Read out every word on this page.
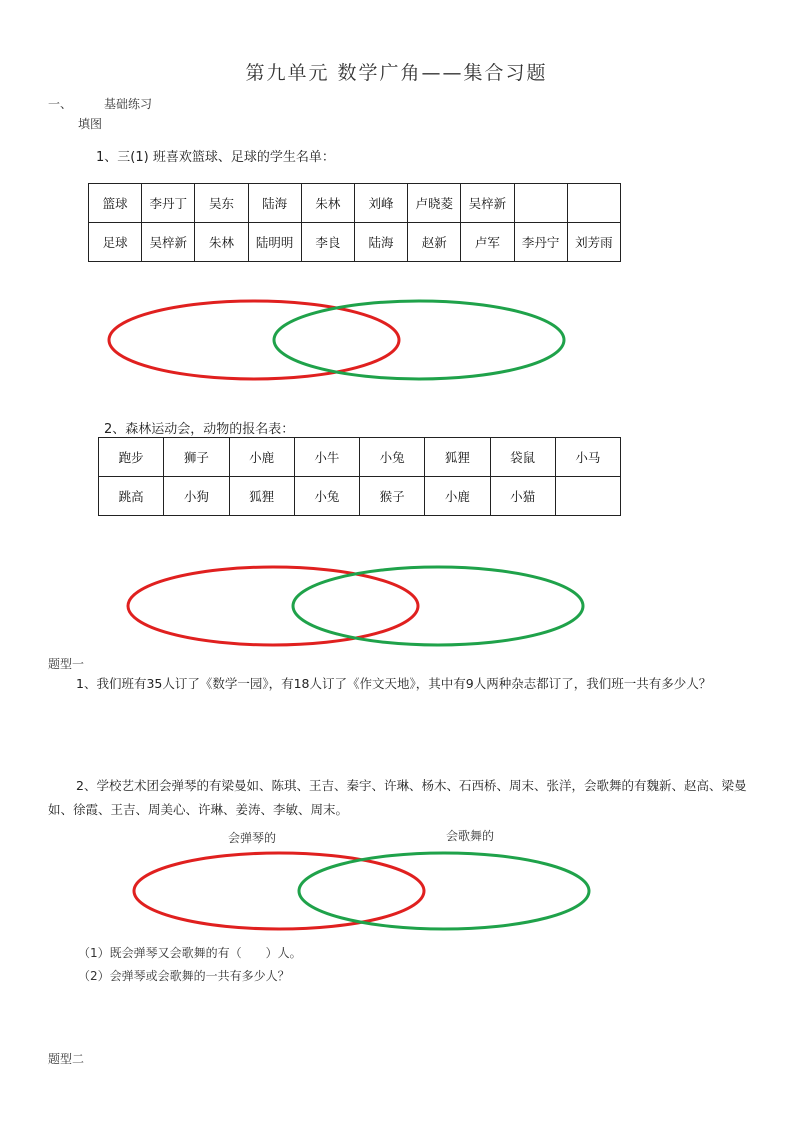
第九单元 数学广角——集合习题
一、	基础练习
填图
1、三(1) 班喜欢篮球、足球的学生名单：
篮球	李丹丁	吴东	陆海	朱林	刘峰	卢晓菱	吴梓新		
足球	吴梓新	朱林	陆明明	李良	陆海	赵新	卢军	李丹宁	刘芳雨
2、森林运动会，动物的报名表：
跑步	狮子	小鹿	小牛	小兔	狐狸	袋鼠	小马
跳高	小狗	狐狸	小兔	猴子	小鹿	小猫	
题型一
1、我们班有35人订了《数学一园》，有18人订了《作文天地》，其中有9人两种杂志都订了，我们班一共有多少人？
2、学校艺术团会弹琴的有梁曼如、陈琪、王吉、秦宇、许琳、杨木、石西桥、周末、张洋，会歌舞的有魏新、赵高、梁曼如、徐霞、王吉、周美心、许琳、姜涛、李敏、周末。
会弹琴的	会歌舞的
（1）既会弹琴又会歌舞的有（　　）人。
（2）会弹琴或会歌舞的一共有多少人？
题型二
